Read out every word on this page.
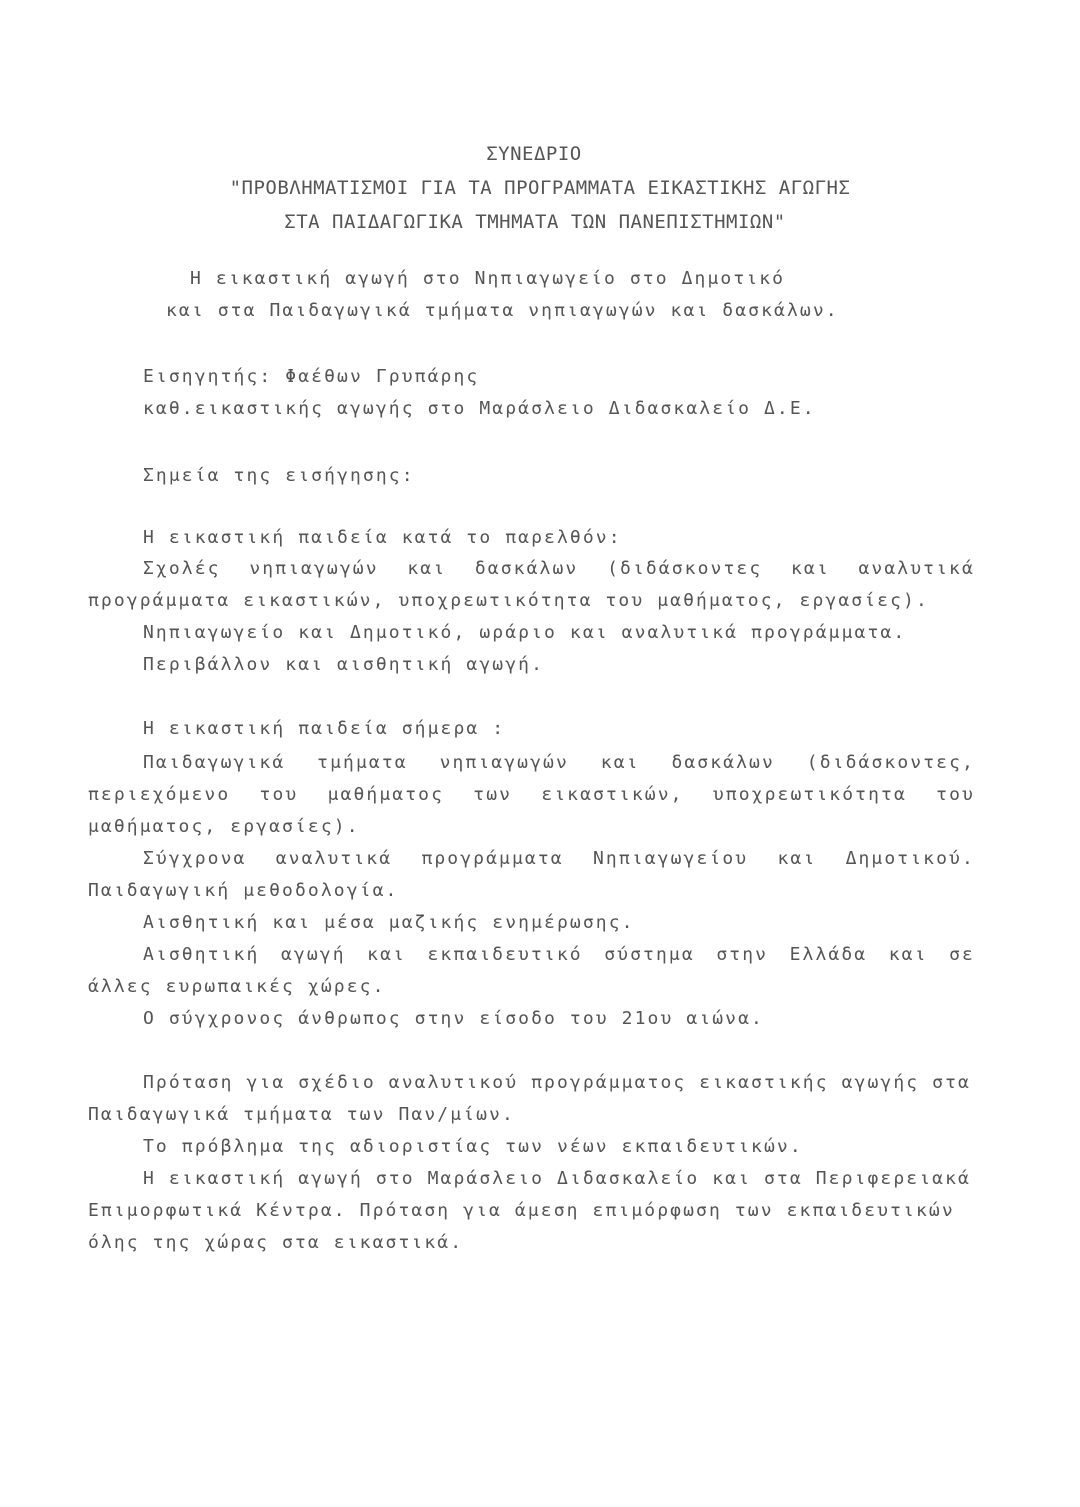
ΣΥΝΕΔΡΙΟ
"ΠΡΟΒΛΗΜΑΤΙΣΜΟΙ ΓΙΑ ΤΑ ΠΡΟΓΡΑΜΜΑΤΑ ΕΙΚΑΣΤΙΚΗΣ ΑΓΩΓΗΣ
ΣΤΑ ΠΑΙΔΑΓΩΓΙΚΑ ΤΜΗΜΑΤΑ ΤΩΝ ΠΑΝΕΠΙΣΤΗΜΙΩΝ"
Η εικαστική αγωγή στο Νηπιαγωγείο στο Δημοτικό
και στα Παιδαγωγικά τμήματα νηπιαγωγών και δασκάλων.
Εισηγητής: Φαέθων Γρυπάρης
καθ.εικαστικής αγωγής στο Μαράσλειο Διδασκαλείο Δ.Ε.
Σημεία της εισήγησης:
Η εικαστική παιδεία κατά το παρελθόν:
Σχολές νηπιαγωγών και δασκάλων (διδάσκοντες και αναλυτικά
προγράμματα εικαστικών, υποχρεωτικότητα του μαθήματος, εργασίες).
Νηπιαγωγείο και Δημοτικό, ωράριο και αναλυτικά προγράμματα.
Περιβάλλον και αισθητική αγωγή.
Η εικαστική παιδεία σήμερα :
Παιδαγωγικά τμήματα νηπιαγωγών και δασκάλων (διδάσκοντες,
περιεχόμενο του μαθήματος των εικαστικών, υποχρεωτικότητα του
μαθήματος, εργασίες).
Σύγχρονα αναλυτικά προγράμματα Νηπιαγωγείου και Δημοτικού.
Παιδαγωγική μεθοδολογία.
Αισθητική και μέσα μαζικής ενημέρωσης.
Αισθητική αγωγή και εκπαιδευτικό σύστημα στην Ελλάδα και σε
άλλες ευρωπαικές χώρες.
Ο σύγχρονος άνθρωπος στην είσοδο του 21ου αιώνα.
Πρόταση για σχέδιο αναλυτικού προγράμματος εικαστικής αγωγής στα
Παιδαγωγικά τμήματα των Παν/μίων.
Το πρόβλημα της αδιοριστίας των νέων εκπαιδευτικών.
Η εικαστική αγωγή στο Μαράσλειο Διδασκαλείο και στα Περιφερειακά
Επιμορφωτικά Κέντρα. Πρόταση για άμεση επιμόρφωση των εκπαιδευτικών
όλης της χώρας στα εικαστικά.
